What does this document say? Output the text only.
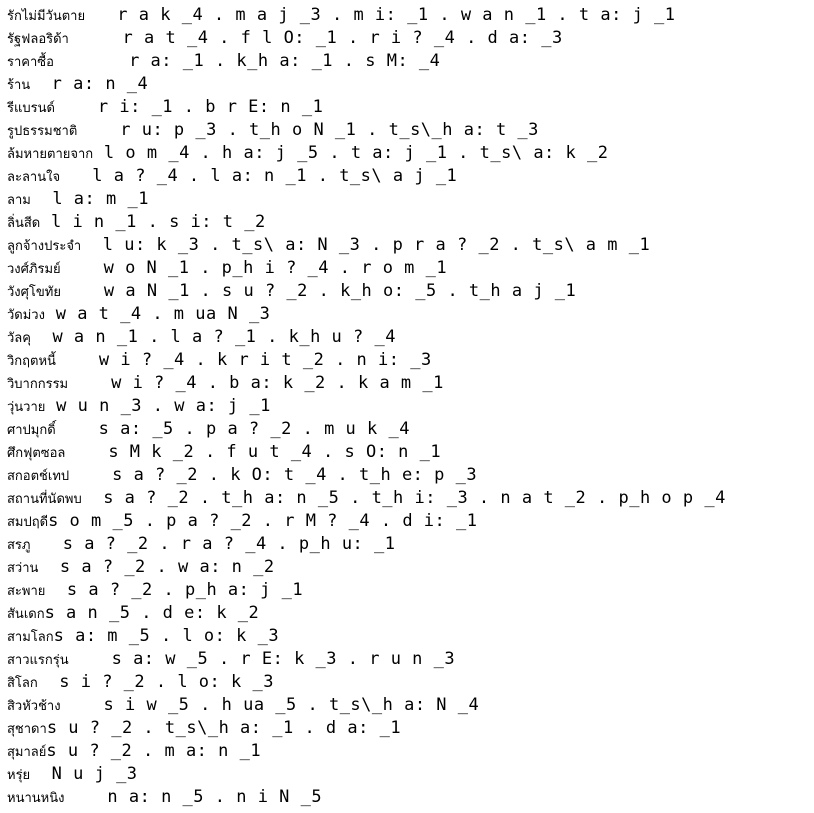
รักไม่มีวันตาย r a k _4 . m a j _3 . m i: _1 . w a n _1 . t a: j _1

รัฐฟลอริด้า	r a t _4 . f l O: _1 . r i ? _4 . d a: _3

ราคาซื้อ	r a: _1 . k_h a: _1 . s M: _4

ร้าน r a: n _4

รีแบรนด์	r i: _1 . b r E: n _1

รูปธรรมชาติ	r u: p _3 . t_h o N _1 . t_s\_h a: t _3

ล้มหายตายจาก l o m _4 . h a: j _5 . t a: j _1 . t_s\ a: k _2

ละลานใจ l a ? _4 . l a: n _1 . t_s\ a j _1

ลาม l a: m _1

ลิ่นสีด l i n _1 . s i: t _2

ลูกจ้างประจำ l u: k _3 . t_s\ a: N _3 . p r a ? _2 . t_s\ a m _1

วงศ์ภิรมย์	w o N _1 . p_h i ? _4 . r o m _1

วังศุโขทัย	w a N _1 . s u ? _2 . k_h o: _5 . t_h a j _1

วัดม่วง w a t _4 . m ua N _3

วัลคุ w a n _1 . l a ? _1 . k_h u ? _4

วิกฤตหนี้	w i ? _4 . k r i t _2 . n i: _3

วิบากกรรม	w i ? _4 . b a: k _2 . k a m _1

วุ่นวาย w u n _3 . w a: j _1

ศาปมุกดิ์	s a: _5 . p a ? _2 . m u k _4

ศึกฟุตซอล	s M k _2 . f u t _4 . s O: n _1

สกอตช์เทป	s a ? _2 . k O: t _4 . t_h e: p _3

สถานที่นัดพบ s a ? _2 . t_h a: n _5 . t_h i: _3 . n a t _2 . p_h o p _4

สมปฤดีs o m _5 . p a ? _2 . r M ? _4 . d i: _1

สรภู s a ? _2 . r a ? _4 . p_h u: _1

สว่าน s a ? _2 . w a: n _2

สะพาย s a ? _2 . p_h a: j _1

สันเดกs a n _5 . d e: k _2

สามโลกs a: m _5 . l o: k _3

สาวแรกรุ่น	s a: w _5 . r E: k _3 . r u n _3

สิโลก s i ? _2 . l o: k _3

สิวหัวช้าง	s i w _5 . h ua _5 . t_s\_h a: N _4

สุชาดาs u ? _2 . t_s\_h a: _1 . d a: _1

สุมาลย์s u ? _2 . m a: n _1

หรุ่ย N u j _3

หนานหนิง	n a: n _5 . n i N _5
